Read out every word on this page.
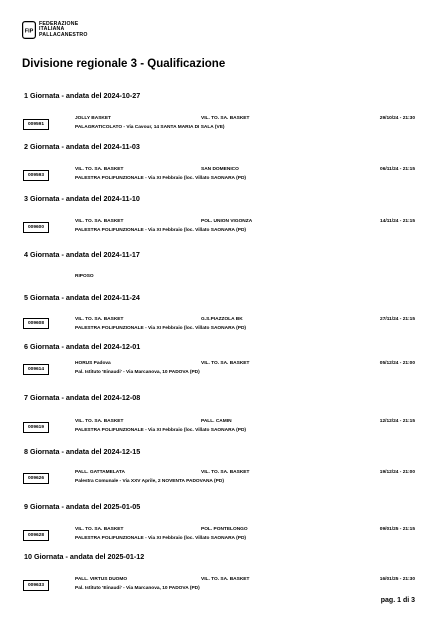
FIP
FEDERAZIONE
ITALIANA
PALLACANESTRO
Divisione regionale 3 - Qualificazione
1 Giornata - andata del 2024-10-27
009591
JOLLY BASKET	VIL. TO. SA. BASKET	29/10/24 - 21:30
PALAGRATICOLATO - Via Cavour, 14 SANTA MARIA DI SALA (VE)
2 Giornata - andata del 2024-11-03
009593
VIL. TO. SA. BASKET	SAN DOMENICO	06/11/24 - 21:15
PALESTRA POLIFUNZIONALE - Via XI Febbraio (loc. Villato SAONARA (PD)
3 Giornata - andata del 2024-11-10
009600
VIL. TO. SA. BASKET	POL. UNION VIGONZA	14/11/24 - 21:15
PALESTRA POLIFUNZIONALE - Via XI Febbraio (loc. Villato SAONARA (PD)
4 Giornata - andata del 2024-11-17
RIPOSO
5 Giornata - andata del 2024-11-24
009608
VIL. TO. SA. BASKET	G.S.PIAZZOLA BK	27/11/24 - 21:15
PALESTRA POLIFUNZIONALE - Via XI Febbraio (loc. Villato SAONARA (PD)
6 Giornata - andata del 2024-12-01
009614
HORUS Padova	VIL. TO. SA. BASKET	05/12/24 - 21:00
Pal. Istituto 'Einaudi' - Via Marcanova, 10 PADOVA (PD)
7 Giornata - andata del 2024-12-08
009619
VIL. TO. SA. BASKET	PALL. CAMIN	12/12/24 - 21:15
PALESTRA POLIFUNZIONALE - Via XI Febbraio (loc. Villato SAONARA (PD)
8 Giornata - andata del 2024-12-15
009626
PALL. GATTAMELATA	VIL. TO. SA. BASKET	19/12/24 - 21:00
Palestra Comunale - Via XXV Aprile, 2 NOVENTA PADOVANA (PD)
9 Giornata - andata del 2025-01-05
009628
VIL. TO. SA. BASKET	POL. PONTELONGO	09/01/25 - 21:15
PALESTRA POLIFUNZIONALE - Via XI Febbraio (loc. Villato SAONARA (PD)
10 Giornata - andata del 2025-01-12
009633
PALL. VIRTUS DUOMO	VIL. TO. SA. BASKET	16/01/25 - 21:30
Pal. Istituto 'Einaudi' - Via Marcanova, 10 PADOVA (PD)
pag. 1 di 3
